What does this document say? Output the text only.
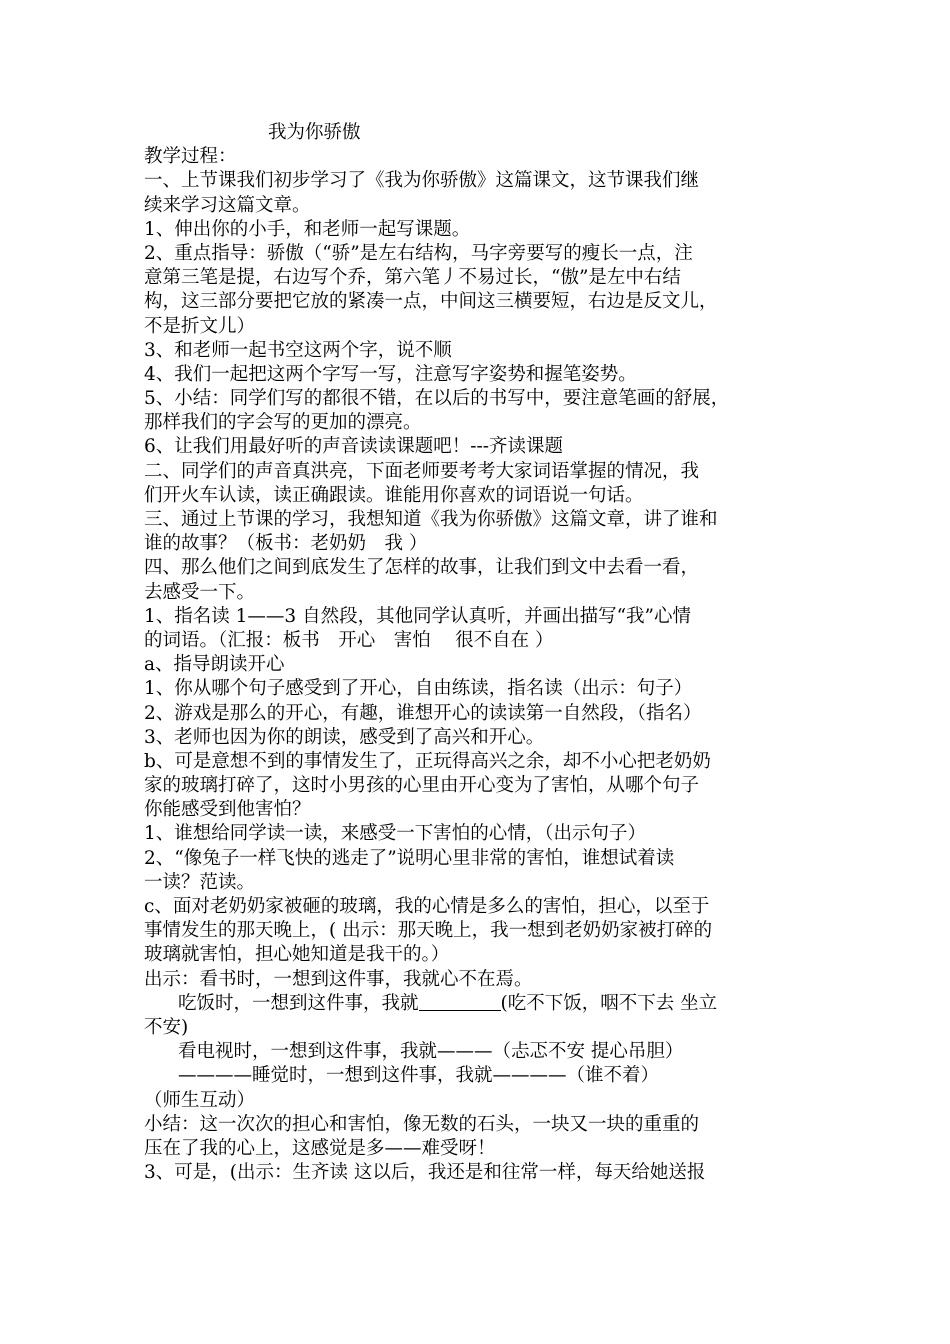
我为你骄傲
教学过程：
一、上节课我们初步学习了《我为你骄傲》这篇课文，这节课我们继
续来学习这篇文章。
1、伸出你的小手，和老师一起写课题。
2、重点指导：骄傲（“骄”是左右结构，马字旁要写的瘦长一点，注
意第三笔是提，右边写个乔，第六笔丿不易过长，“傲”是左中右结
构，这三部分要把它放的紧凑一点，中间这三横要短，右边是反文儿，
不是折文儿）
3、和老师一起书空这两个字，说不顺
4、我们一起把这两个字写一写，注意写字姿势和握笔姿势。
5、小结：同学们写的都很不错，在以后的书写中，要注意笔画的舒展，
那样我们的字会写的更加的漂亮。
6、让我们用最好听的声音读读课题吧！---齐读课题
二、同学们的声音真洪亮，下面老师要考考大家词语掌握的情况，我
们开火车认读，读正确跟读。谁能用你喜欢的词语说一句话。
三、通过上节课的学习，我想知道《我为你骄傲》这篇文章，讲了谁和
谁的故事？（板书：老奶奶　我 ）
四、那么他们之间到底发生了怎样的故事，让我们到文中去看一看，
去感受一下。
1、指名读 1——3 自然段，其他同学认真听，并画出描写“我”心情
的词语。（汇报：板书　开心　害怕　 很不自在 ）
a、指导朗读开心
1、你从哪个句子感受到了开心，自由练读，指名读（出示：句子）
2、游戏是那么的开心，有趣，谁想开心的读读第一自然段，（指名）
3、老师也因为你的朗读，感受到了高兴和开心。
b、可是意想不到的事情发生了，正玩得高兴之余，却不小心把老奶奶
家的玻璃打碎了，这时小男孩的心里由开心变为了害怕，从哪个句子
你能感受到他害怕？
1、谁想给同学读一读，来感受一下害怕的心情，（出示句子）
2、“像兔子一样飞快的逃走了”说明心里非常的害怕，谁想试着读
一读？范读。
c、面对老奶奶家被砸的玻璃，我的心情是多么的害怕，担心，以至于
事情发生的那天晚上，( 出示：那天晚上，我一想到老奶奶家被打碎的
玻璃就害怕，担心她知道是我干的。）
出示：看书时，一想到这件事，我就心不在焉。
吃饭时，一想到这件事，我就	(吃不下饭，咽不下去 坐立
不安)
看电视时，一想到这件事，我就———（忐忑不安 提心吊胆）
————睡觉时，一想到这件事，我就————（谁不着）
（师生互动）
小结：这一次次的担心和害怕，像无数的石头，一块又一块的重重的
压在了我的心上，这感觉是多——难受呀！
3、可是，(出示：生齐读 这以后，我还是和往常一样，每天给她送报
